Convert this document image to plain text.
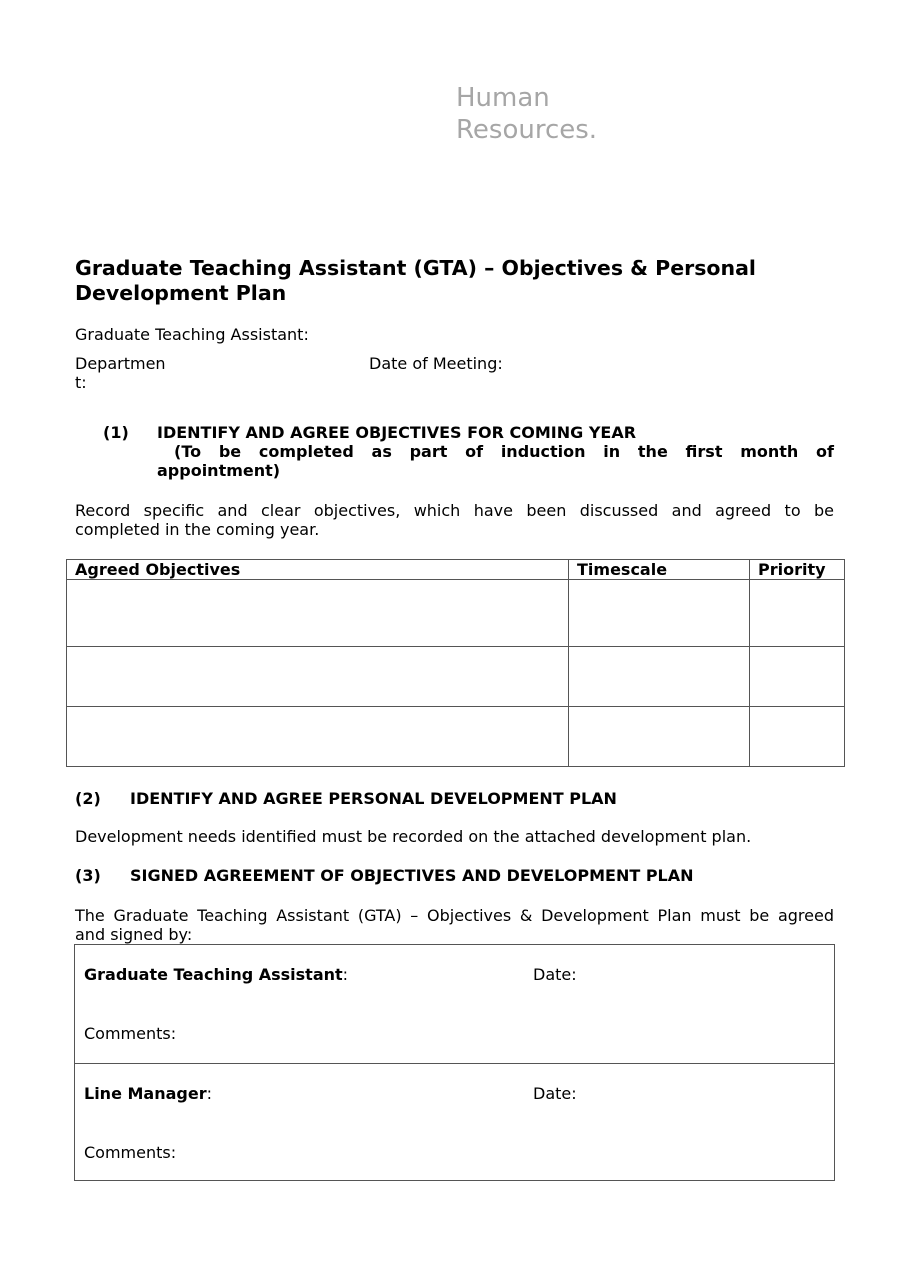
Human
Resources.
Graduate Teaching Assistant (GTA) – Objectives & Personal
Development Plan
Graduate Teaching Assistant:
Departmen
t:
Date of Meeting:
(1) IDENTIFY AND AGREE OBJECTIVES FOR COMING YEAR
(To be completed as part of induction in the first month of
appointment)
Record specific and clear objectives, which have been discussed and agreed to be
completed in the coming year.
Agreed Objectives	Timescale	Priority

(2) IDENTIFY AND AGREE PERSONAL DEVELOPMENT PLAN
Development needs identified must be recorded on the attached development plan.
(3) SIGNED AGREEMENT OF OBJECTIVES AND DEVELOPMENT PLAN
The Graduate Teaching Assistant (GTA) – Objectives & Development Plan must be agreed
and signed by:
Graduate Teaching Assistant:	Date:
Comments:
Line Manager:	Date:
Comments:
